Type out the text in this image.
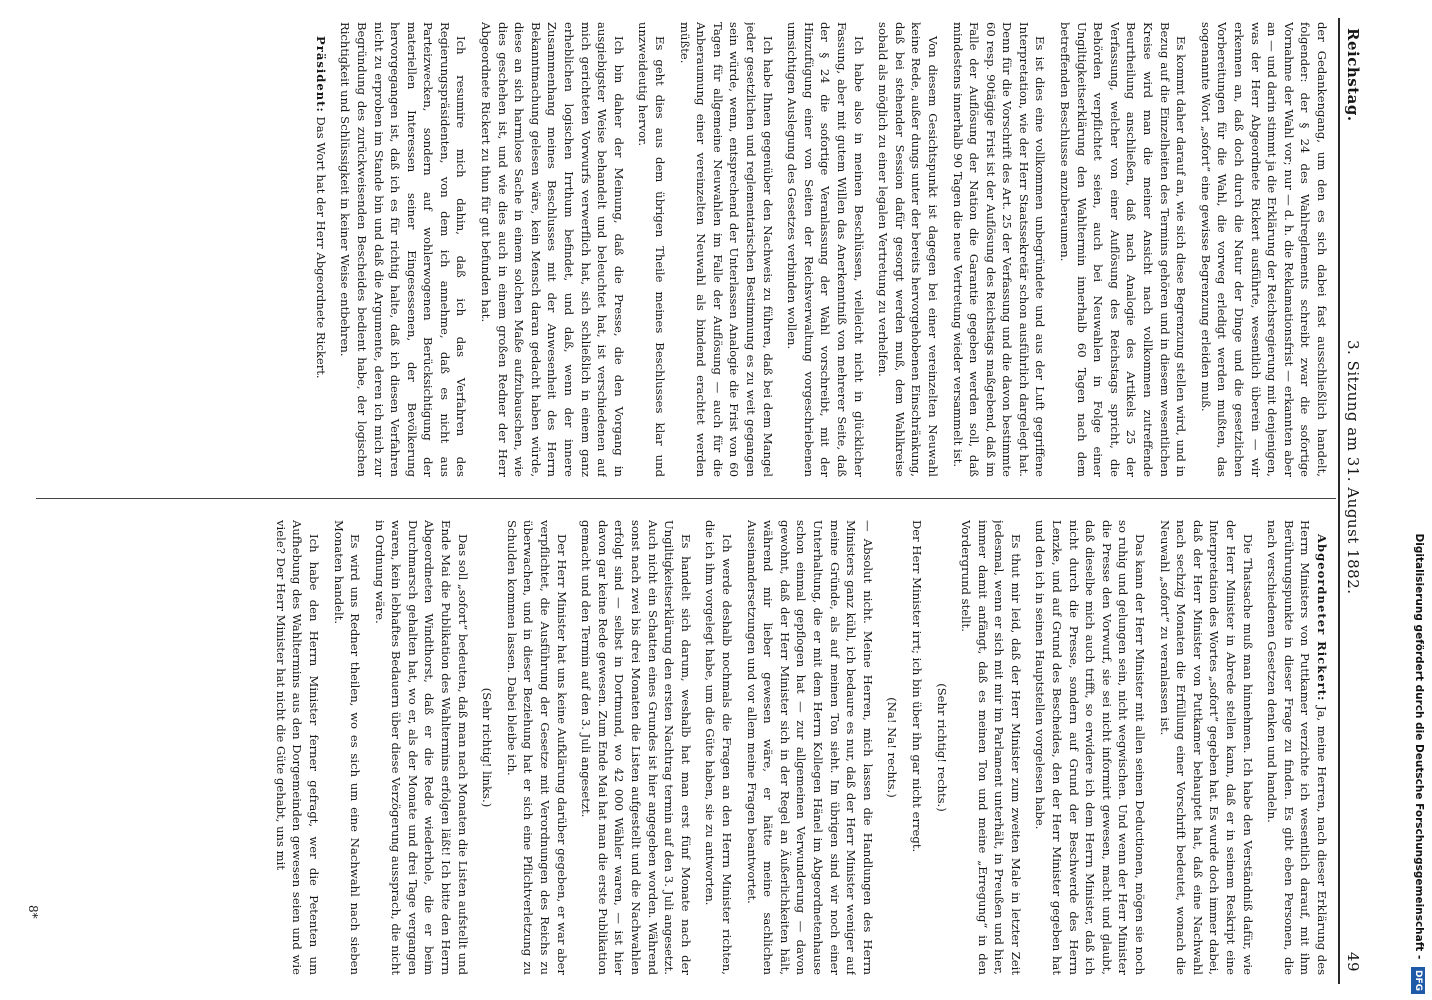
Reichstag.
3. Sitzung am 31. August 1882.
49

der Gedankengang, um den es sich dabei fast ausschließlich handelt, folgender: der § 24 des Wahlreglements schreibt zwar die sofortige Vornahme der Wahl vor; nur — d. h. die Reklamationsfrist — erkannten aber an — und darin stimmt ja die Erklärung der Reichsregierung mit denjenigen, was der Herr Abgeordnete Rickert ausführte, wesentlich überein — wir erkennen an, daß doch durch die Natur der Dinge und die gesetzlichen Vorbereitungen für die Wahl, die vorweg erledigt werden mußten, das sogenannte Wort „sofort“ eine gewisse Begrenzung erleiden muß.

Es kommt daher darauf an, wie sich diese Begrenzung stellen wird, und in Bezug auf die Einzelheiten des Termins gehören und in diesem wesentlichen Kreise wird man die meiner Ansicht nach vollkommen zutreffende Beurtheilung anschließen, daß nach Analogie des Artikels 25 der Verfassung, welcher von einer Auflösung des Reichstags spricht, die Behörden verpflichtet seien, auch bei Neuwahlen in Folge einer Ungiltigkeitserklärung den Wahltermin innerhalb 60 Tagen nach dem betreffenden Beschlusse anzuberaumen.

Es ist dies eine vollkommen unbegründete und aus der Luft gegriffene Interpretation, wie der Herr Staatssekretär schon ausführlich dargelegt hat. Denn für die Vorschrift des Art. 25 der Verfassung und die davon bestimmte 60 resp. 90tägige Frist ist der Auflösung des Reichstags maßgebend, daß im Falle der Auflösung der Nation die Garantie gegeben werden soll, daß mindestens innerhalb 90 Tagen die neue Vertretung wieder versammelt ist.

Von diesem Gesichtspunkt ist dagegen bei einer vereinzelten Neuwahl keine Rede, außer dungs unter der bereits hervorgehobenen Einschränkung, daß bei stehender Session dafür gesorgt werden muß, dem Wahlkreise sobald als möglich zu einer legalen Vertretung zu verhelfen.

Ich habe also in meinen Beschlüssen, vielleicht nicht in glücklicher Fassung, aber mit gutem Willen das Anerkenntniß von mehrerer Seite, daß der § 24 die sofortige Veranlassung der Wahl vorschreibt, mit der Hinzufügung einer von Seiten der Reichsverwaltung vorgeschriebenen umsichtigen Auslegung des Gesetzes verbinden wollen.

Ich habe Ihnen gegenüber den Nachweis zu führen, daß bei dem Mangel jeder gesetzlichen und reglementarischen Bestimmung es zu weit gegangen sein würde, wenn, entsprechend der Unterlassen Analogie die Frist von 60 Tagen für allgemeine Neuwahlen im Falle der Auflösung — auch für die Anberaumung einer vereinzelten Neuwahl als bindend erachtet werden müßte.

Es geht dies aus dem übrigen Theile meines Beschlusses klar und unzweideutig hervor.

Ich bin daher der Meinung, daß die Presse, die den Vorgang in ausgiebigster Weise behandelt und beleuchtet hat, ist verschiedenen auf mich gerichteten Vorwurfs verwerflich hat, sich schließlich in einem ganz erheblichen logischen Irrthum befindet, und daß, wenn der innere Zusammenhang meines Beschlusses mit der Anwesenheit des Herrn Bekanntmachung gelesen wäre, kein Mensch daran gedacht haben würde, diese an sich harmlose Sache in einem solchen Maße aufzubauschen, wie dies geschehen ist, und wie dies auch in einem großen Redner der Herr Abgeordnete Rickert zu thun für gut befunden hat.

Ich resumire mich dahin, daß ich das Verfahren des Regierungspräsidenten, von dem ich annehme, daß es nicht aus Parteizwecken, sondern auf wohlerwogenen Berücksichtigung der materiellen Interessen seiner Eingesessenen, der Bevölkerung hervorgegangen ist, daß ich es für richtig halte, daß ich diesen Verfahren nicht zu erproben im Stande bin und daß die Argumente, deren ich mich zur Begründung des zurückweisenden Bescheides bedient habe, der logischen Richtigkeit und Schlüssigkeit in keiner Weise entbehren.

Präsident: Das Wort hat der Herr Abgeordnete Rickert.

Abgeordneter Rickert: Ja, meine Herren, nach dieser Erklärung des Herrn Ministers von Puttkamer verzichte ich wesentlich darauf, mit ihm Berührungspunkte in dieser Frage zu finden. Es gibt eben Personen, die nach verschiedenen Gesetzen denken und handeln.

Die Thatsache muß man hinnehmen. Ich habe den Verständniß dafür, wie der Herr Minister in Abrede stellen kann, daß er in seinem Reskript eine Interpretation des Wortes „sofort“ gegeben hat. Es wurde doch immer dabei, daß der Herr Minister von Puttkamer behauptet hat, daß eine Nachwahl nach sechzig Monaten die Erfüllung einer Vorschrift bedeutet, wonach die Neuwahl „sofort“ zu veranlassen ist.

Das kann der Herr Minister mit allen seinen Deductionen, mögen sie noch so ruhig und gelungen sein, nicht wegwischen. Und wenn der Herr Minister die Presse den Vorwurf, sie sei nicht informirt gewesen, macht und glaubt, daß dieselbe mich auch trifft, so erwidere ich dem Herrn Minister, daß ich nicht durch die Presse, sondern auf Grund der Beschwerde des Herrn Lenzke, und auf Grund des Bescheides, den der Herr Minister gegeben hat und den ich in seinen Hauptstellen vorgelesen habe.

Es thut mir leid, daß der Herr Minister zum zweiten Male in letzter Zeit jedesmal, wenn er sich mit mir im Parlament unterhält, in Preußen und hier, immer damit anfängt, daß es meinen Ton und meine „Erregung“ in den Vordergrund stellt.

(Sehr richtig! rechts.)

Der Herr Minister irrt; ich bin über ihn gar nicht erregt.

(Na! Na! rechts.)

— Absolut nicht. Meine Herren, mich lassen die Handlungen des Herrn Ministers ganz kühl, ich bedaure es nur, daß der Herr Minister weniger auf meine Gründe, als auf meinen Ton sieht. Im übrigen sind wir noch einer Unterhaltung, die er mit dem Herrn Kollegen Hänel im Abgeordnetenhause schon einmal gepflogen hat — zur allgemeinen Verwunderung — davon gewohnt, daß der Herr Minister sich in der Regel an Äußerlichkeiten hält, während mir lieber gewesen wäre, er hätte meine sachlichen Auseinandersetzungen und vor allem meine Fragen beantwortet.

Ich werde deshalb nochmals die Fragen an den Herrn Minister richten, die ich ihm vorgelegt habe, um die Güte haben, sie zu antworten.

Es handelt sich darum, weshalb hat man erst fünf Monate nach der Ungiltigkeitserklärung den ersten Nachtrag termin auf den 3. Juli angesetzt. Auch nicht ein Schatten eines Grundes ist hier angegeben worden. Während sonst nach zwei bis drei Monaten die Listen aufgestellt und die Nachwahlen erfolgt sind — selbst in Dortmund, wo 42 000 Wähler waren, — ist hier davon gar keine Rede gewesen. Zum Ende Mai hat man die erste Publikation gemacht und den Termin auf den 3. Juli angesetzt.

Der Herr Minister hat uns keine Aufklärung darüber gegeben, er war aber verpflichtet, die Ausführung der Gesetze mit Verordnungen des Reichs zu überwachen, und in dieser Beziehung hat er sich eine Pflichtverletzung zu Schulden kommen lassen. Dabei bleibe ich.

(Sehr richtig! links.)

Das soll „sofort“ bedeuten, daß man nach Monaten die Listen aufstellt und Ende Mai die Publikation des Wahltermins erfolgen läßt! Ich bitte den Herrn Abgeordneten Windthorst, daß er die Rede wiederhole, die er beim Durchmarsch gehalten hat, wo er, als der Monate und drei Tage vergangen waren, kein lebhaftes Bedauern über diese Verzögerung aussprach, die nicht in Ordnung wäre.

Es wird uns Redner theilen, wo es sich um eine Nachwahl nach sieben Monaten handelt.

Ich habe den Herrn Minister ferner gefragt, wer die Petenten um Aufhebung des Wahltermins aus den Dorgemeinden gewesen seien und wie viele? Der Herr Minister hat nicht die Güte gehabt, uns mit

8*	Digitalisierung gefördert durch die Deutsche Forschungsgemeinschaft - DFG
